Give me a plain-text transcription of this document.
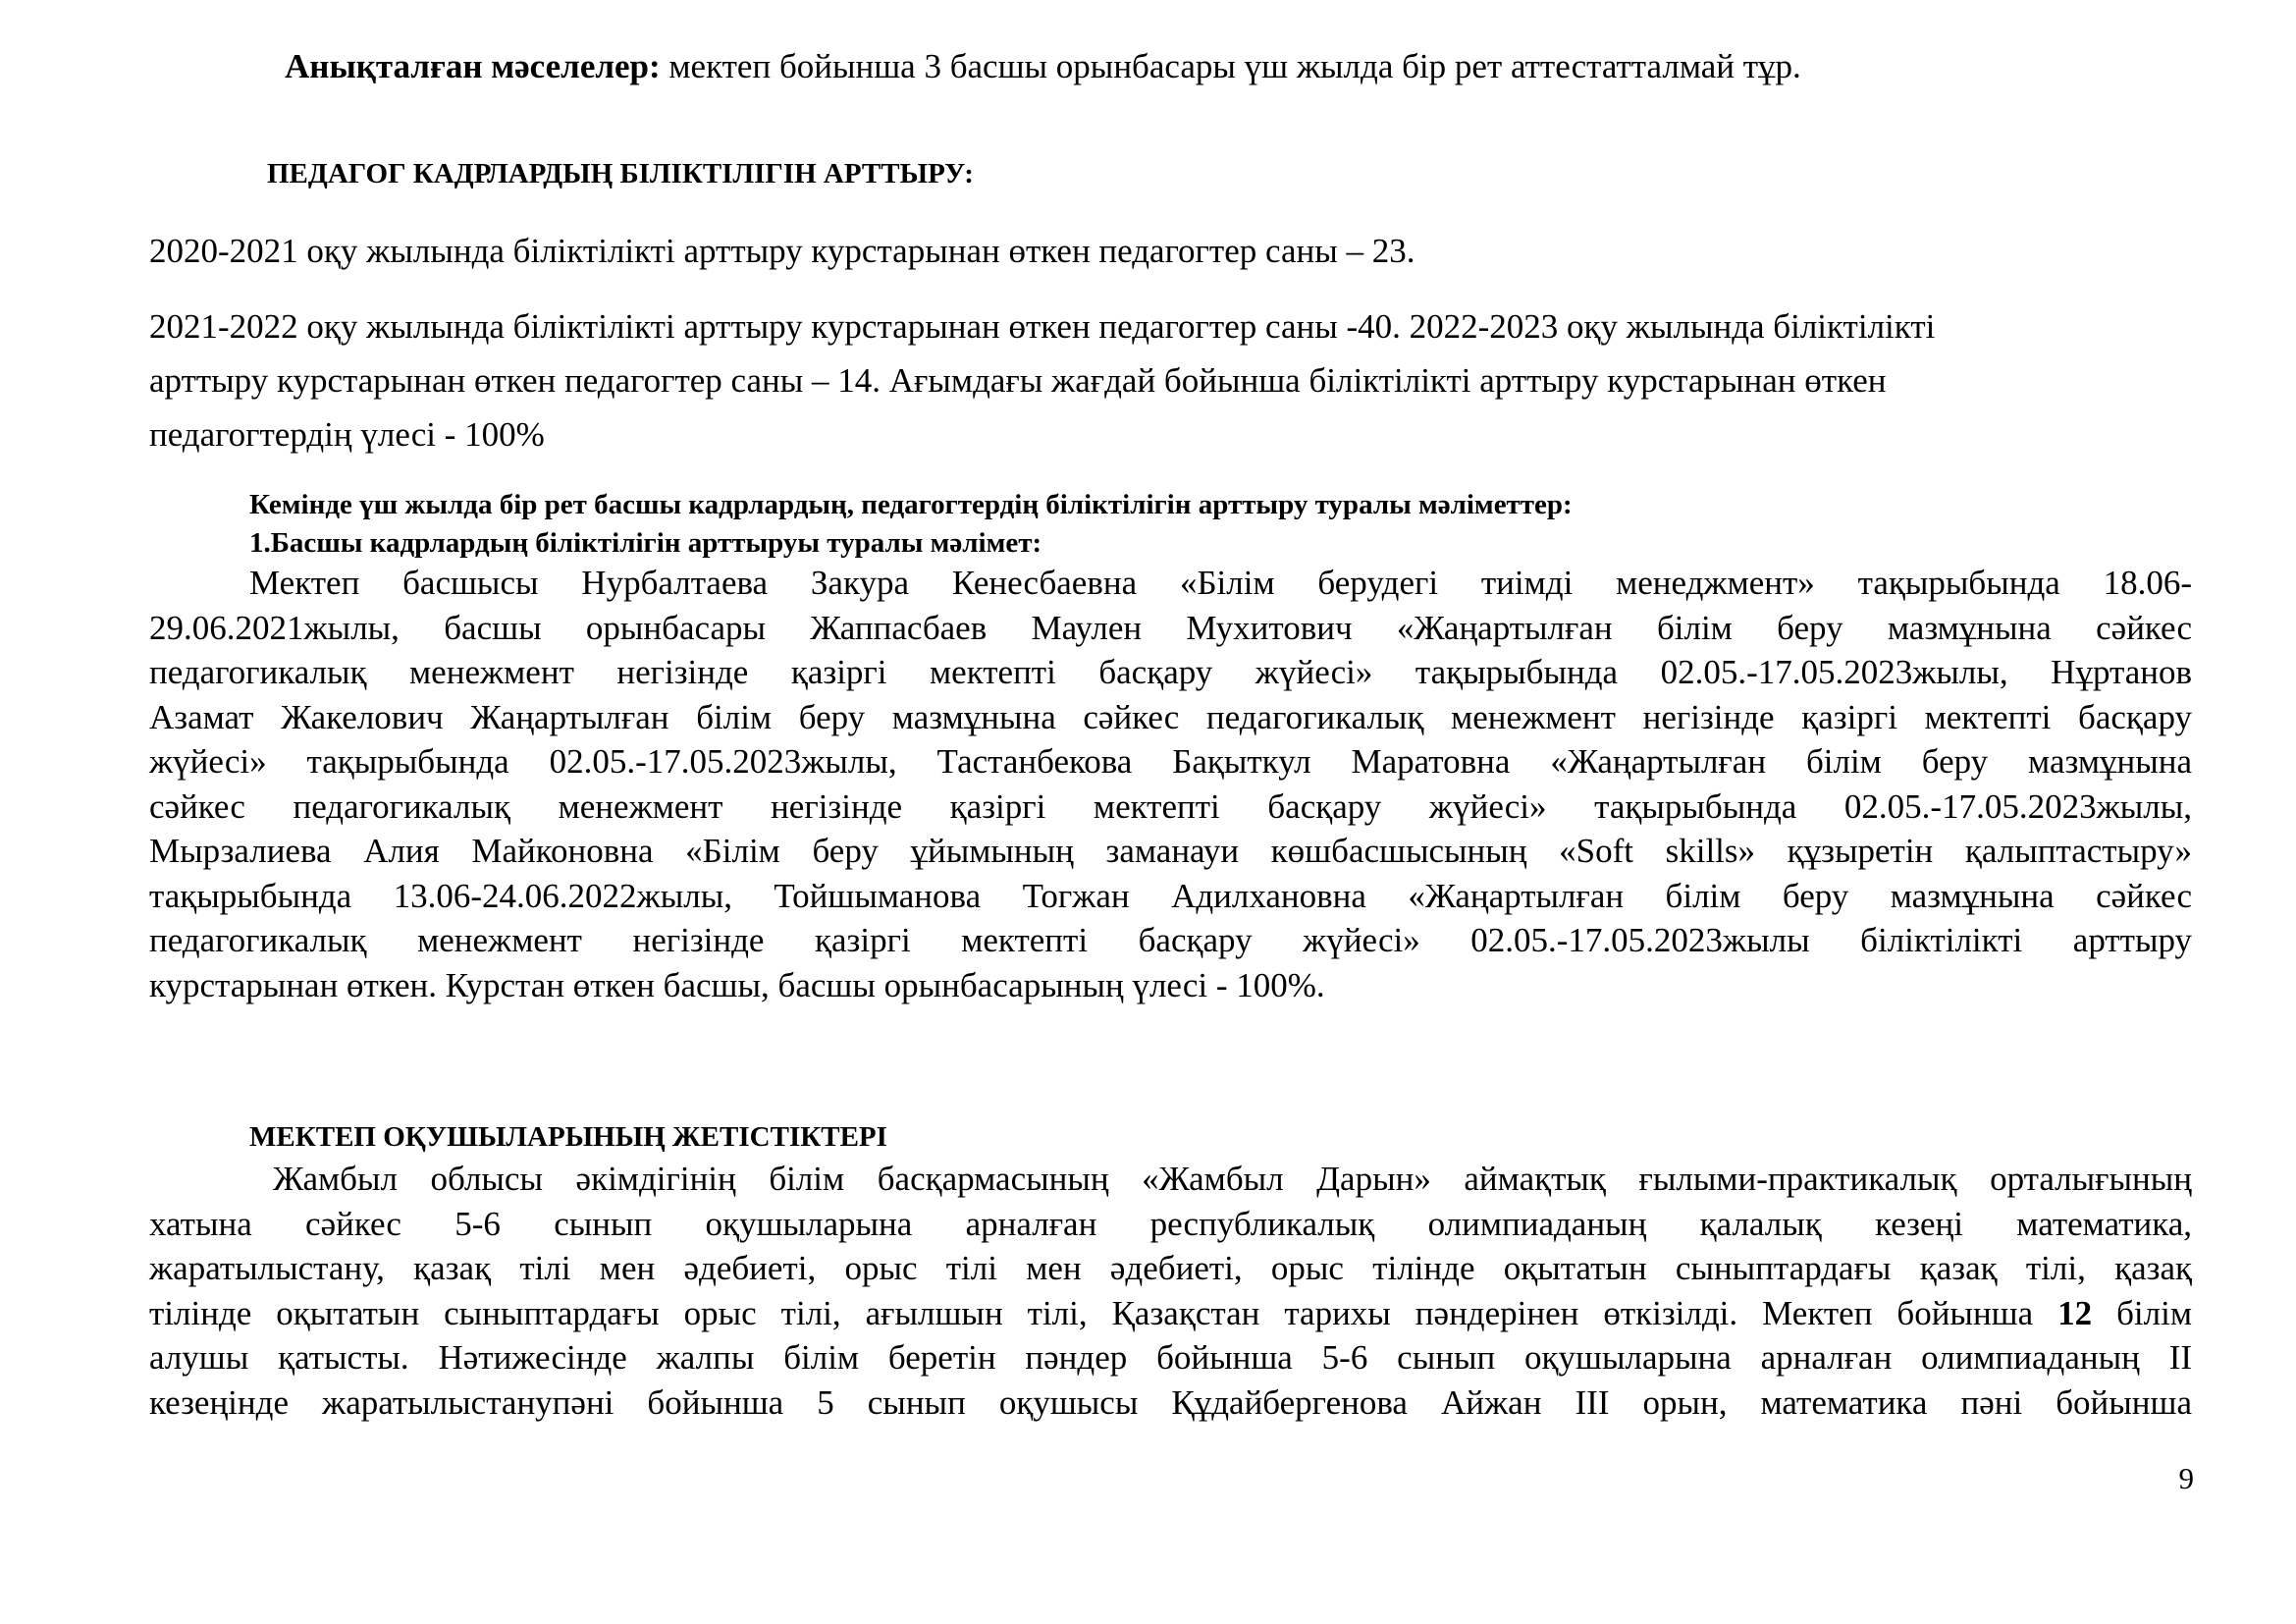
Анықталған мәселелер: мектеп бойынша 3 басшы орынбасары үш жылда бір рет аттестатталмай тұр.
ПЕДАГОГ КАДРЛАРДЫҢ БІЛІКТІЛІГІН АРТТЫРУ:
2020-2021 оқу жылында біліктілікті арттыру курстарынан өткен педагогтер саны – 23.
2021-2022 оқу жылында біліктілікті арттыру курстарынан өткен педагогтер саны -40. 2022-2023 оқу жылында біліктілікті
арттыру курстарынан өткен педагогтер саны – 14. Ағымдағы жағдай бойынша біліктілікті арттыру курстарынан өткен
педагогтердің үлесі - 100%
Кемінде үш жылда бір рет басшы кадрлардың, педагогтердің біліктілігін арттыру туралы мәліметтер:
1.Басшы кадрлардың біліктілігін арттыруы туралы мәлімет:
Мектеп басшысы Нурбалтаева Закура Кенесбаевна «Білім берудегі тиімді менеджмент» тақырыбында 18.06-
29.06.2021жылы, басшы орынбасары Жаппасбаев Маулен Мухитович «Жаңартылған білім беру мазмұнына сәйкес
педагогикалық менежмент негізінде қазіргі мектепті басқару жүйесі» тақырыбында 02.05.-17.05.2023жылы, Нұртанов
Азамат Жакелович Жаңартылған білім беру мазмұнына сәйкес педагогикалық менежмент негізінде қазіргі мектепті басқару
жүйесі» тақырыбында 02.05.-17.05.2023жылы, Тастанбекова Бақыткул Маратовна «Жаңартылған білім беру мазмұнына
сәйкес педагогикалық менежмент негізінде қазіргі мектепті басқару жүйесі» тақырыбында 02.05.-17.05.2023жылы,
Мырзалиева Алия Майконовна «Білім беру ұйымының заманауи көшбасшысының «Soft skills» құзыретін қалыптастыру»
тақырыбында 13.06-24.06.2022жылы, Тойшыманова Тогжан Адилхановна «Жаңартылған білім беру мазмұнына сәйкес
педагогикалық менежмент негізінде қазіргі мектепті басқару жүйесі» 02.05.-17.05.2023жылы біліктілікті арттыру
курстарынан өткен. Курстан өткен басшы, басшы орынбасарының үлесі - 100%.
МЕКТЕП ОҚУШЫЛАРЫНЫҢ ЖЕТІСТІКТЕРІ
Жамбыл облысы әкімдігінің білім басқармасының «Жамбыл Дарын» аймақтық ғылыми-практикалық орталығының
хатына сәйкес 5-6 сынып оқушыларына арналған республикалық олимпиаданың қалалық кезеңі математика,
жаратылыстану, қазақ тілі мен әдебиеті, орыс тілі мен әдебиеті, орыс тілінде оқытатын сыныптардағы қазақ тілі, қазақ
тілінде оқытатын сыныптардағы орыс тілі, ағылшын тілі, Қазақстан тарихы пәндерінен өткізілді. Мектеп бойынша 12 білім
алушы қатысты. Нәтижесінде жалпы білім беретін пәндер бойынша 5-6 сынып оқушыларына арналған олимпиаданың ІІ
кезеңінде жаратылыстанупәні бойынша 5 сынып оқушысы Құдайбергенова Айжан ІІІ орын, математика пәні бойынша
9
